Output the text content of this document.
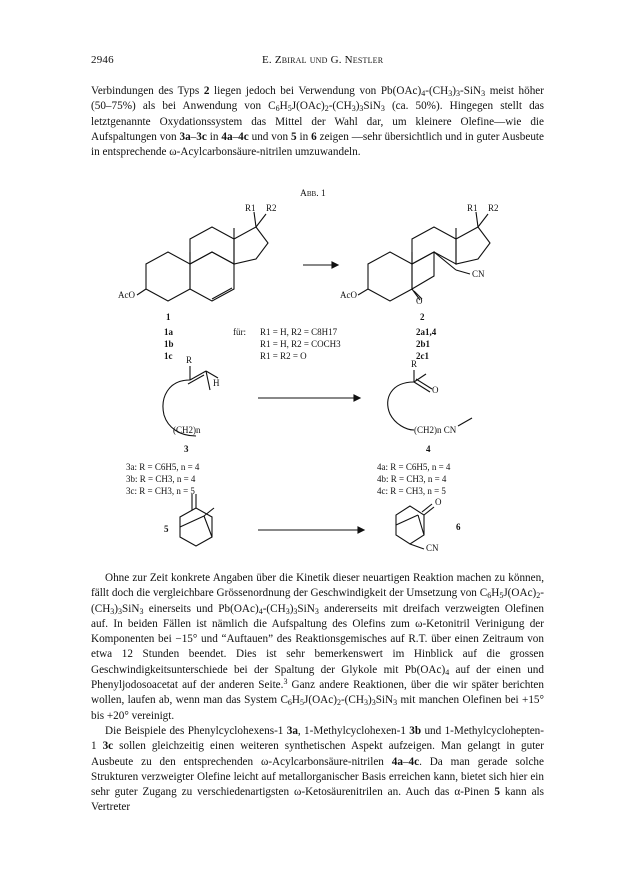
2946	E. Zbiral und G. Nestler

Verbindungen des Typs 2 liegen jedoch bei Verwendung von $Pb(OAc)_4-(CH_3)_3-SiN_3$ meist höher (50–75%) als bei Anwendung von $C_6H_5J(OAc)_2-(CH_3)_3SiN_3$ (ca. 50%). Hingegen stellt das letztgenannte Oxydationssystem das Mittel der Wahl dar, um kleinere Olefine—wie die Aufspaltungen von 3a–3c in 4a–4c und von 5 in 6 zeigen —sehr übersichtlich und in guter Ausbeute in entsprechende ω-Acylcarbonsäure-nitrilen umzuwandeln.

Abb. 1
R1 R2
AcO
R1 R2
AcO
O
CN
1	2
1a
1b
1c
für: R1 = H, R2 = C8H17
R1 = H, R2 = COCH3
R1 = R2 = O
2a1,4
2b1
2c1
R
H
(CH2)n
3
3a: R = C6H5, n = 4
3b: R = CH3, n = 4
3c: R = CH3, n = 5
R
O
(CH2)n CN
4
4a: R = C6H5, n = 4
4b: R = CH3, n = 4
4c: R = CH3, n = 5
5
O
6
CN

Ohne zur Zeit konkrete Angaben über die Kinetik dieser neuartigen Reaktion machen zu können, fällt doch die vergleichbare Grössenordnung der Geschwindigkeit der Umsetzung von $C_6H_5J(OAc)_2-(CH_3)_3SiN_3$ einerseits und $Pb(OAc)_4-(CH_3)_3SiN_3$ andererseits mit dreifach verzweigten Olefinen auf. In beiden Fällen ist nämlich die Aufspaltung des Olefins zum ω-Ketonitril Verinigung der Komponenten bei −15° und “Auftauen” des Reaktionsgemisches auf R.T. über einen Zeitraum von etwa 12 Stunden beendet. Dies ist sehr bemerkenswert im Hinblick auf die grossen Geschwindigkeitsunterschiede bei der Spaltung der Glykole mit $Pb(OAc)_4$ auf der einen und Phenyljodosoacetat auf der anderen Seite.$^3$ Ganz andere Reaktionen, über die wir später berichten wollen, laufen ab, wenn man das System $C_6H_5J(OAc)_2-(CH_3)_3SiN_3$ mit manchen Olefinen bei +15° bis +20° vereinigt.

Die Beispiele des Phenylcyclohexens-1 3a, 1-Methylcyclohexen-1 3b und 1-Methylcyclohepten-1 3c sollen gleichzeitig einen weiteren synthetischen Aspekt aufzeigen. Man gelangt in guter Ausbeute zu den entsprechenden ω-Acylcarbonsäure-nitrilen 4a–4c. Da man gerade solche Strukturen verzweigter Olefine leicht auf metallorganischer Basis erreichen kann, bietet sich hier ein sehr guter Zugang zu verschiedenartigsten ω-Ketosäurenitrilen an. Auch das α-Pinen 5 kann als Vertreter
